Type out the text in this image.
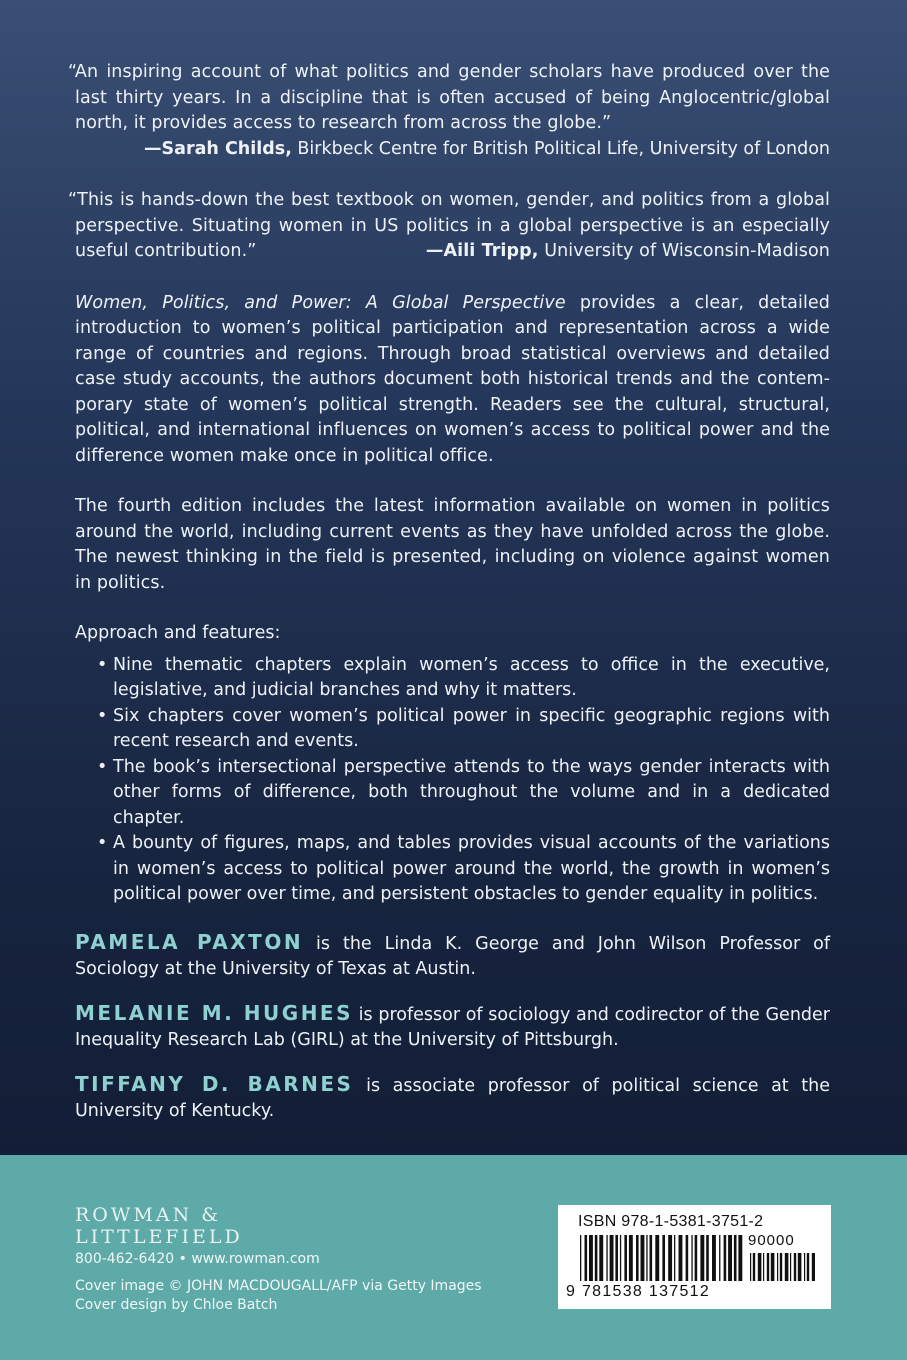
“An inspiring account of what politics and gender scholars have produced over the last thirty years. In a discipline that is often accused of being Anglocentric/global north, it provides access to research from across the globe.”

—Sarah Childs, Birkbeck Centre for British Political Life, University of London

“This is hands-down the best textbook on women, gender, and politics from a global perspective. Situating women in US politics in a global perspective is an especially useful contribution.”	—Aili Tripp, University of Wisconsin-Madison

Women, Politics, and Power: A Global Perspective provides a clear, detailed introduction to women’s political participation and representation across a wide range of countries and regions. Through broad statistical overviews and detailed case study accounts, the authors document both historical trends and the contemporary state of women’s political strength. Readers see the cultural, structural, political, and international influences on women’s access to political power and the difference women make once in political office.

The fourth edition includes the latest information available on women in politics around the world, including current events as they have unfolded across the globe. The newest thinking in the field is presented, including on violence against women in politics.

Approach and features:

• Nine thematic chapters explain women’s access to office in the executive, legislative, and judicial branches and why it matters.
• Six chapters cover women’s political power in specific geographic regions with recent research and events.
• The book’s intersectional perspective attends to the ways gender interacts with other forms of difference, both throughout the volume and in a dedicated chapter.
• A bounty of figures, maps, and tables provides visual accounts of the variations in women’s access to political power around the world, the growth in women’s political power over time, and persistent obstacles to gender equality in politics.

PAMELA PAXTON is the Linda K. George and John Wilson Professor of Sociology at the University of Texas at Austin.

MELANIE M. HUGHES is professor of sociology and codirector of the Gender Inequality Research Lab (GIRL) at the University of Pittsburgh.

TIFFANY D. BARNES is associate professor of political science at the University of Kentucky.

ROWMAN &
LITTLEFIELD
800-462-6420 • www.rowman.com
Cover image © JOHN MACDOUGALL/AFP via Getty Images
Cover design by Chloe Batch
ISBN 978-1-5381-3751-2
90000
9 781538 137512
